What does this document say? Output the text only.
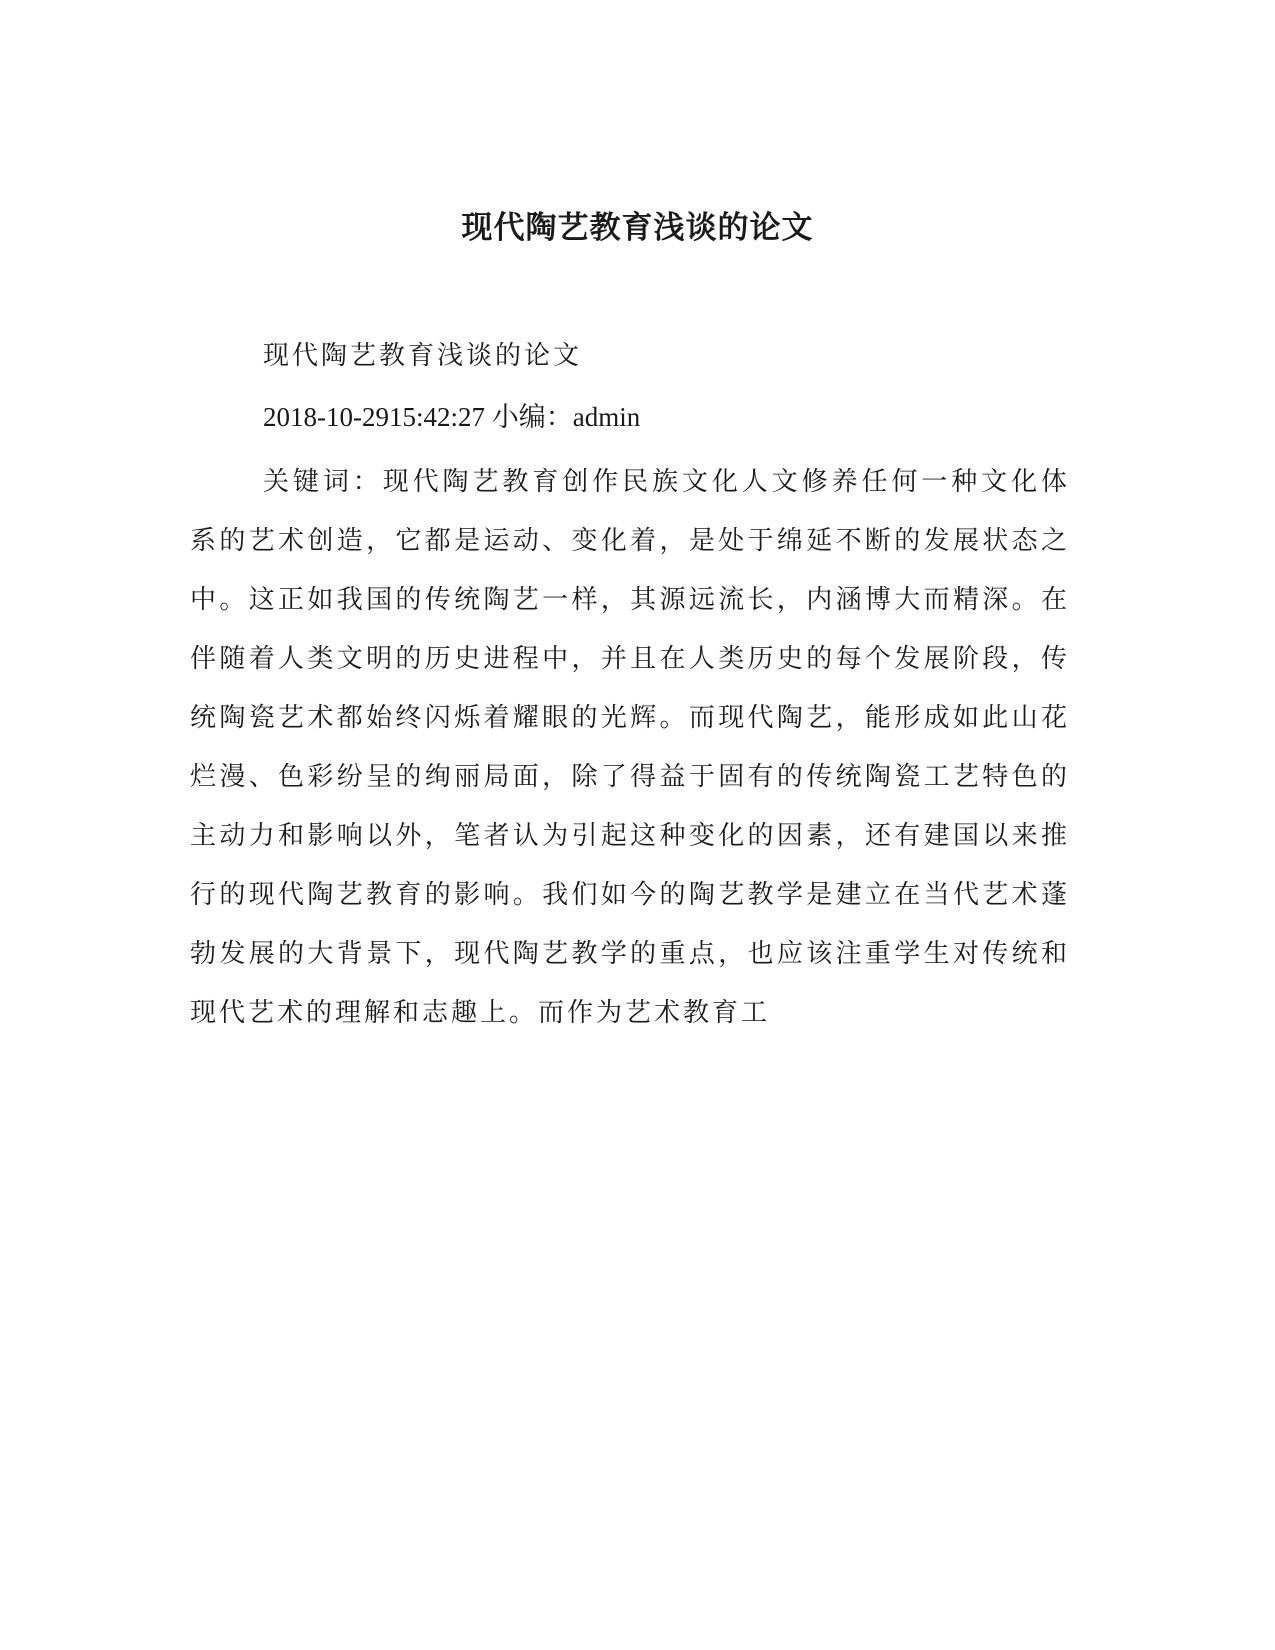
现代陶艺教育浅谈的论文

现代陶艺教育浅谈的论文

2018-10-2915:42:27 小编：admin

关键词：现代陶艺教育创作民族文化人文修养任何一种文化体系的艺术创造，它都是运动、变化着，是处于绵延不断的发展状态之中。这正如我国的传统陶艺一样，其源远流长，内涵博大而精深。在伴随着人类文明的历史进程中，并且在人类历史的每个发展阶段，传统陶瓷艺术都始终闪烁着耀眼的光辉。而现代陶艺，能形成如此山花烂漫、色彩纷呈的绚丽局面，除了得益于固有的传统陶瓷工艺特色的主动力和影响以外，笔者认为引起这种变化的因素，还有建国以来推行的现代陶艺教育的影响。我们如今的陶艺教学是建立在当代艺术蓬勃发展的大背景下，现代陶艺教学的重点，也应该注重学生对传统和现代艺术的理解和志趣上。而作为艺术教育工
